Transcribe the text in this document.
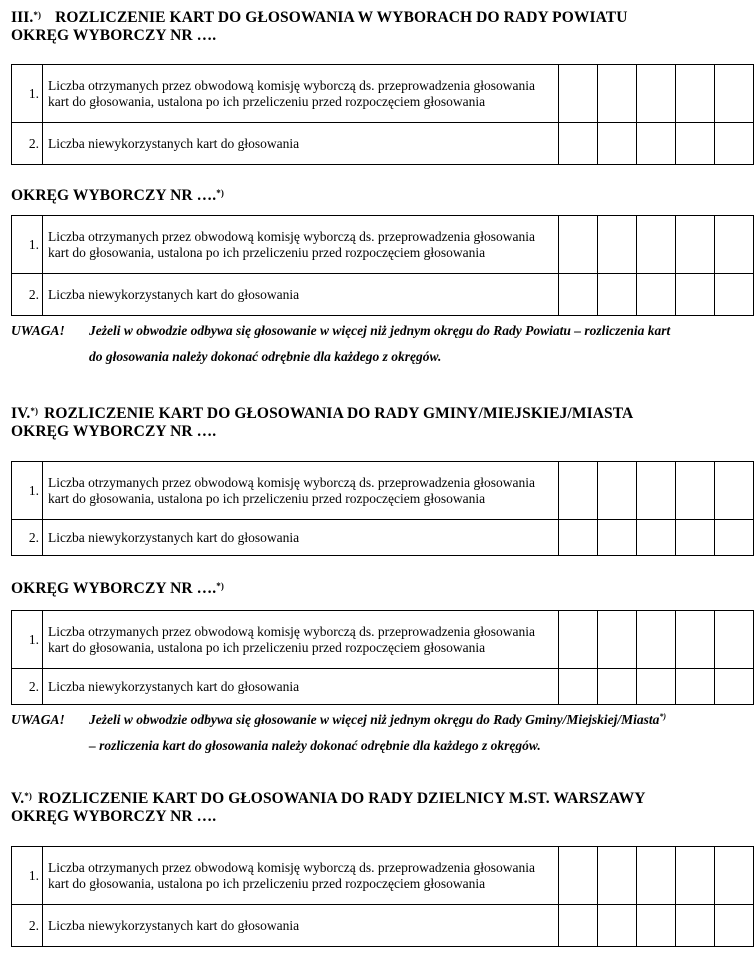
III.*) ROZLICZENIE KART DO GŁOSOWANIA W WYBORACH DO RADY POWIATU
OKRĘG WYBORCZY NR ….
1.	Liczba otrzymanych przez obwodową komisję wyborczą ds. przeprowadzenia głosowania kart do głosowania, ustalona po ich przeliczeniu przed rozpoczęciem głosowania					
2.	Liczba niewykorzystanych kart do głosowania					
OKRĘG WYBORCZY NR ….*)
1.	Liczba otrzymanych przez obwodową komisję wyborczą ds. przeprowadzenia głosowania kart do głosowania, ustalona po ich przeliczeniu przed rozpoczęciem głosowania					
2.	Liczba niewykorzystanych kart do głosowania					
UWAGA! Jeżeli w obwodzie odbywa się głosowanie w więcej niż jednym okręgu do Rady Powiatu – rozliczenia kart
do głosowania należy dokonać odrębnie dla każdego z okręgów.
IV.*) ROZLICZENIE KART DO GŁOSOWANIA DO RADY GMINY/MIEJSKIEJ/MIASTA
OKRĘG WYBORCZY NR ….
1.	Liczba otrzymanych przez obwodową komisję wyborczą ds. przeprowadzenia głosowania kart do głosowania, ustalona po ich przeliczeniu przed rozpoczęciem głosowania					
2.	Liczba niewykorzystanych kart do głosowania					
OKRĘG WYBORCZY NR ….*)
1.	Liczba otrzymanych przez obwodową komisję wyborczą ds. przeprowadzenia głosowania kart do głosowania, ustalona po ich przeliczeniu przed rozpoczęciem głosowania					
2.	Liczba niewykorzystanych kart do głosowania					
UWAGA! Jeżeli w obwodzie odbywa się głosowanie w więcej niż jednym okręgu do Rady Gminy/Miejskiej/Miasta*)
– rozliczenia kart do głosowania należy dokonać odrębnie dla każdego z okręgów.
V.*) ROZLICZENIE KART DO GŁOSOWANIA DO RADY DZIELNICY M.ST. WARSZAWY
OKRĘG WYBORCZY NR ….
1.	Liczba otrzymanych przez obwodową komisję wyborczą ds. przeprowadzenia głosowania kart do głosowania, ustalona po ich przeliczeniu przed rozpoczęciem głosowania					
2.	Liczba niewykorzystanych kart do głosowania					
